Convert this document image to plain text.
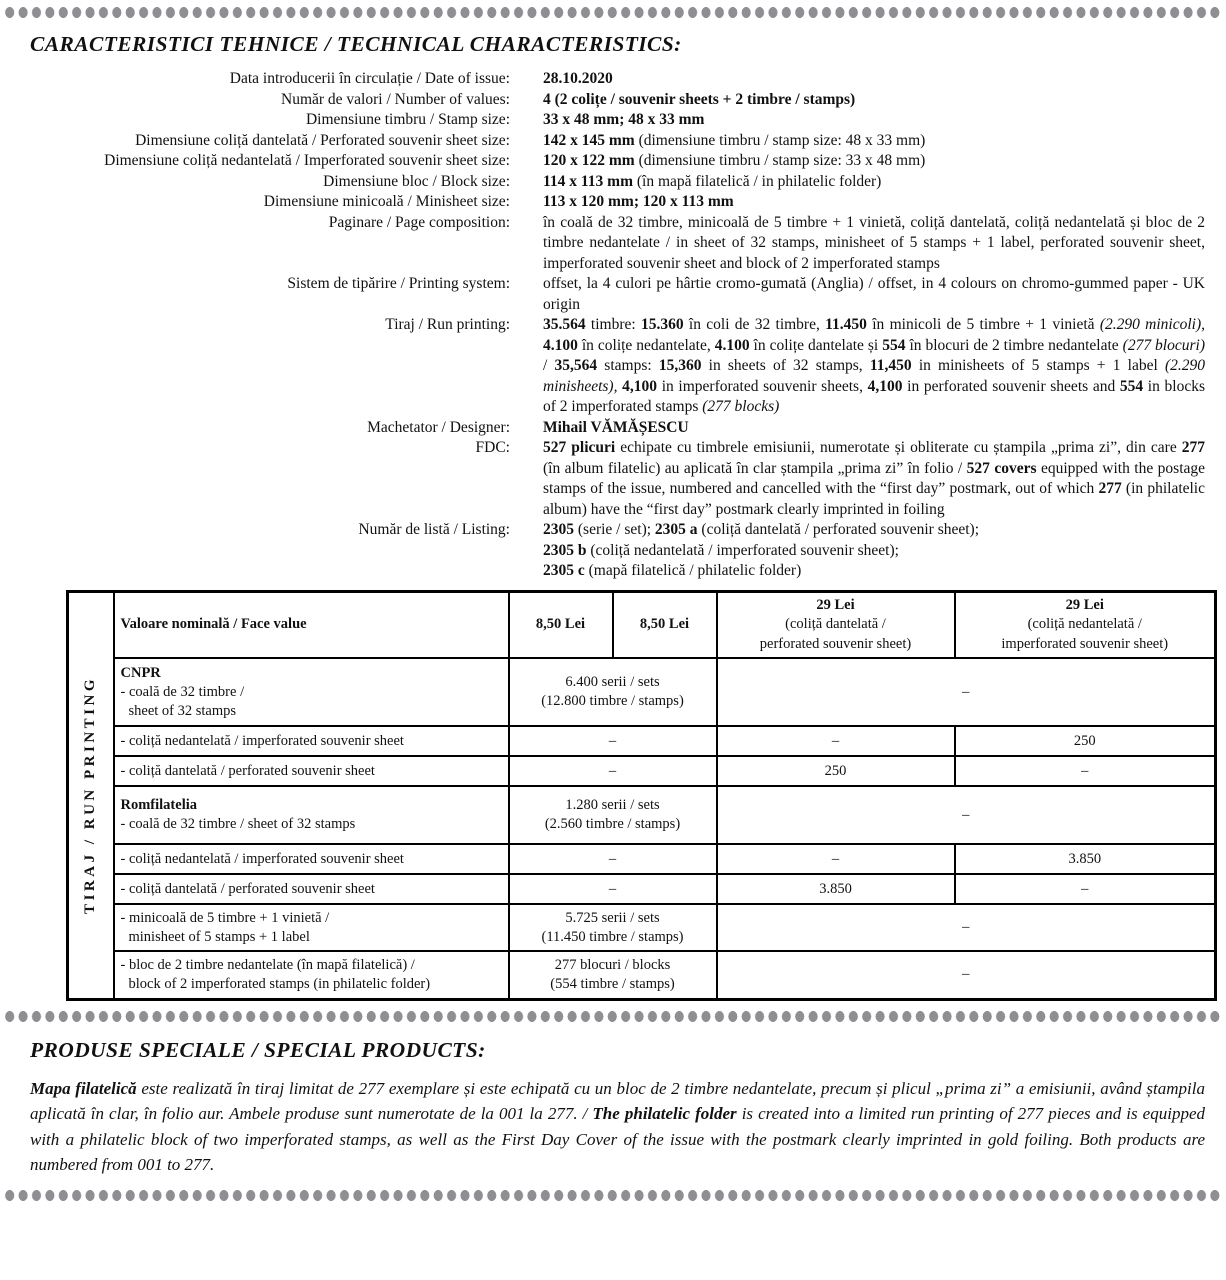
CARACTERISTICI TEHNICE / TECHNICAL CHARACTERISTICS:
Data introducerii în circulație / Date of issue: 28.10.2020
Număr de valori / Number of values: 4 (2 colițe / souvenir sheets + 2 timbre / stamps)
Dimensiune timbru / Stamp size: 33 x 48 mm; 48 x 33 mm
Dimensiune coliță dantelată / Perforated souvenir sheet size: 142 x 145 mm (dimensiune timbru / stamp size: 48 x 33 mm)
Dimensiune coliță nedantelată / Imperforated souvenir sheet size: 120 x 122 mm (dimensiune timbru / stamp size: 33 x 48 mm)
Dimensiune bloc / Block size: 114 x 113 mm (în mapă filatelică / in philatelic folder)
Dimensiune minicoală / Minisheet size: 113 x 120 mm; 120 x 113 mm
Paginare / Page composition: în coală de 32 timbre, minicoală de 5 timbre + 1 vinietă, coliță dantelată, coliță nedantelată și bloc de 2 timbre nedantelate / in sheet of 32 stamps, minisheet of 5 stamps + 1 label, perforated souvenir sheet, imperforated souvenir sheet and block of 2 imperforated stamps
Sistem de tipărire / Printing system: offset, la 4 culori pe hârtie cromo-gumată (Anglia) / offset, in 4 colours on chromo-gummed paper - UK origin
Tiraj / Run printing: 35.564 timbre: 15.360 în coli de 32 timbre, 11.450 în minicoli de 5 timbre + 1 vinietă (2.290 minicoli), 4.100 în colițe nedantelate, 4.100 în colițe dantelate și 554 în blocuri de 2 timbre nedantelate (277 blocuri) / 35,564 stamps: 15,360 in sheets of 32 stamps, 11,450 in minisheets of 5 stamps + 1 label (2.290 minisheets), 4,100 in imperforated souvenir sheets, 4,100 in perforated souvenir sheets and 554 in blocks of 2 imperforated stamps (277 blocks)
Machetator / Designer: Mihail VĂMĂȘESCU
FDC: 527 plicuri echipate cu timbrele emisiunii, numerotate și obliterate cu ștampila „prima zi”, din care 277 (în album filatelic) au aplicată în clar ștampila „prima zi” în folio / 527 covers equipped with the postage stamps of the issue, numbered and cancelled with the “first day” postmark, out of which 277 (in philatelic album) have the “first day” postmark clearly imprinted in foiling
Număr de listă / Listing: 2305 (serie / set); 2305 a (coliță dantelată / perforated souvenir sheet);
2305 b (coliță nedantelată / imperforated souvenir sheet);
2305 c (mapă filatelică / philatelic folder)
TIRAJ / RUN PRINTING	Valoare nominală / Face value	8,50 Lei	8,50 Lei	29 Lei
(coliță dantelată /
perforated souvenir sheet)	29 Lei
(coliță nedantelată /
imperforated souvenir sheet)
	CNPR
- coală de 32 timbre /
sheet of 32 stamps	6.400 serii / sets
(12.800 timbre / stamps)		–	
	- coliță nedantelată / imperforated souvenir sheet	–		–	250
	- coliță dantelată / perforated souvenir sheet	–		250	–
	Romfilatelia
- coală de 32 timbre / sheet of 32 stamps	1.280 serii / sets
(2.560 timbre / stamps)		–	
	- coliță nedantelată / imperforated souvenir sheet	–		–	3.850
	- coliță dantelată / perforated souvenir sheet	–		3.850	–
	- minicoală de 5 timbre + 1 vinietă /
minisheet of 5 stamps + 1 label	5.725 serii / sets
(11.450 timbre / stamps)		–	
	- bloc de 2 timbre nedantelate (în mapă filatelică) /
block of 2 imperforated stamps (in philatelic folder)	277 blocuri / blocks
(554 timbre / stamps)		–	
PRODUSE SPECIALE / SPECIAL PRODUCTS:
Mapa filatelică este realizată în tiraj limitat de 277 exemplare și este echipată cu un bloc de 2 timbre nedantelate, precum și plicul „prima zi” a emisiunii, având ștampila aplicată în clar, în folio aur. Ambele produse sunt numerotate de la 001 la 277. / The philatelic folder is created into a limited run printing of 277 pieces and is equipped with a philatelic block of two imperforated stamps, as well as the First Day Cover of the issue with the postmark clearly imprinted in gold foiling. Both products are numbered from 001 to 277.
